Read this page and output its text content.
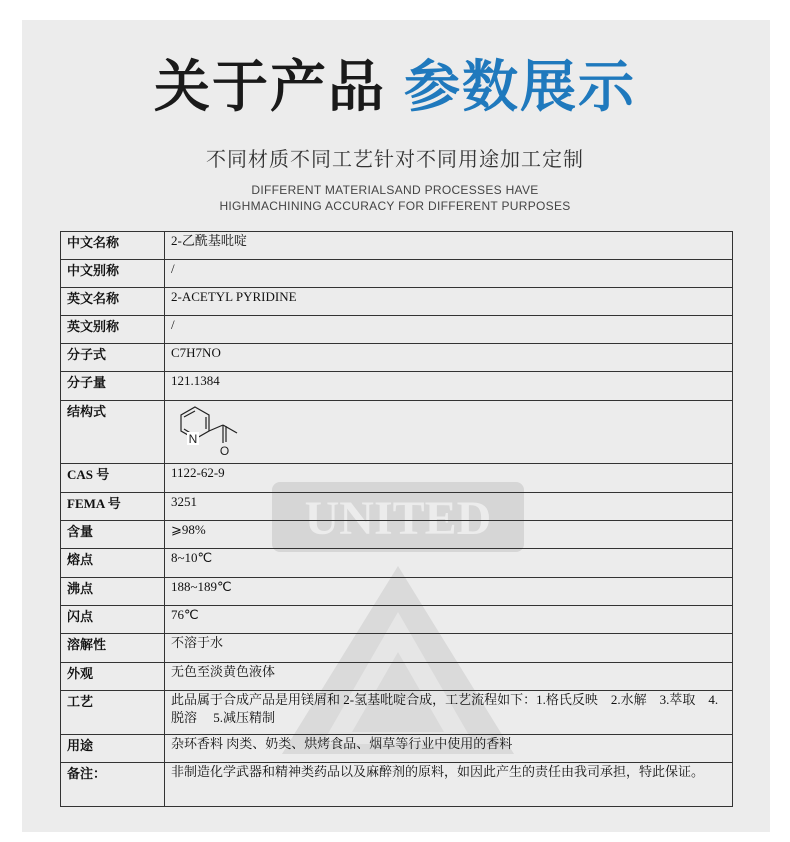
UNITED
关于产品 参数展示
不同材质不同工艺针对不同用途加工定制
DIFFERENT MATERIALSAND PROCESSES HAVE
HIGHMACHINING ACCURACY FOR DIFFERENT PURPOSES
中文名称	2-乙酰基吡啶
中文别称	/
英文名称	2-ACETYL PYRIDINE
英文别称	/
分子式	C7H7NO
分子量	121.1384
结构式	N
O

CAS 号	1122-62-9
FEMA 号	3251
含量	⩾98%
熔点	8~10℃
沸点	188~189℃
闪点	76℃
溶解性	不溶于水
外观	无色至淡黄色液体
工艺	此品属于合成产品是用镁屑和 2-氢基吡啶合成，工艺流程如下：1.格氏反映　2.水解　3.萃取　4.脱溶　 5.减压精制
用途	杂环香料 肉类、奶类、烘烤食品、烟草等行业中使用的香料
备注：	非制造化学武器和精神类药品以及麻醉剂的原料，如因此产生的责任由我司承担，特此保证。
